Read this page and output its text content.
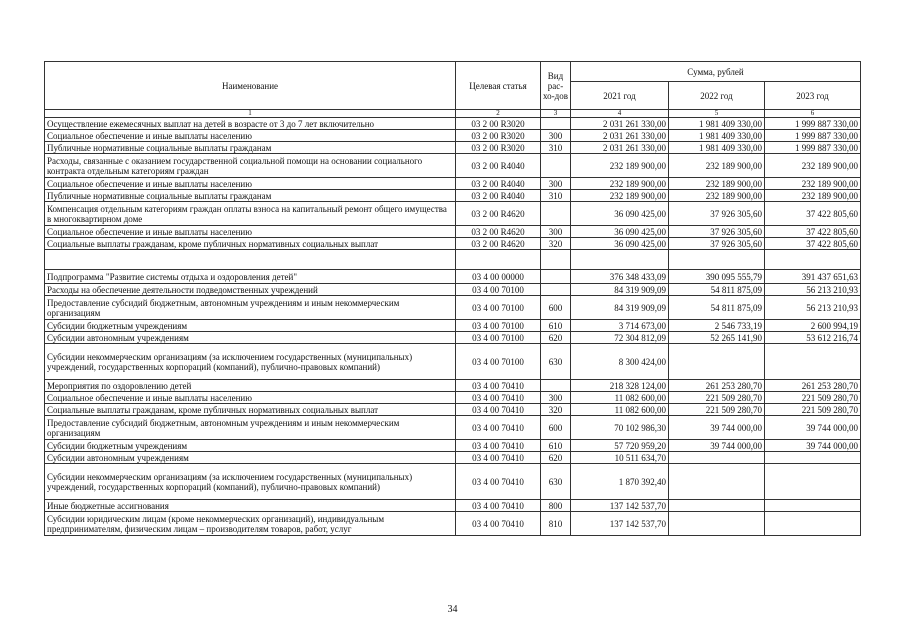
Наименование	Целевая статья	Вид рас-хо-дов	Сумма, рублей		
			2021 год	2022 год	2023 год
1	2	3	4	5	6
Осуществление ежемесячных выплат на детей в возрасте от 3 до 7 лет включительно	03 2 00 R3020		2 031 261 330,00	1 981 409 330,00	1 999 887 330,00
Социальное обеспечение и иные выплаты населению	03 2 00 R3020	300	2 031 261 330,00	1 981 409 330,00	1 999 887 330,00
Публичные нормативные социальные выплаты гражданам	03 2 00 R3020	310	2 031 261 330,00	1 981 409 330,00	1 999 887 330,00
Расходы, связанные с оказанием государственной социальной помощи на основании социального контракта отдельным категориям граждан	03 2 00 R4040		232 189 900,00	232 189 900,00	232 189 900,00
Социальное обеспечение и иные выплаты населению	03 2 00 R4040	300	232 189 900,00	232 189 900,00	232 189 900,00
Публичные нормативные социальные выплаты гражданам	03 2 00 R4040	310	232 189 900,00	232 189 900,00	232 189 900,00
Компенсация отдельным категориям граждан оплаты взноса на капитальный ремонт общего имущества в многоквартирном доме	03 2 00 R4620		36 090 425,00	37 926 305,60	37 422 805,60
Социальное обеспечение и иные выплаты населению	03 2 00 R4620	300	36 090 425,00	37 926 305,60	37 422 805,60
Социальные выплаты гражданам, кроме публичных нормативных социальных выплат	03 2 00 R4620	320	36 090 425,00	37 926 305,60	37 422 805,60

Подпрограмма "Развитие системы отдыха и оздоровления детей"	03 4 00 00000		376 348 433,09	390 095 555,79	391 437 651,63
Расходы на обеспечение деятельности подведомственных учреждений	03 4 00 70100		84 319 909,09	54 811 875,09	56 213 210,93
Предоставление субсидий бюджетным, автономным учреждениям и иным некоммерческим организациям	03 4 00 70100	600	84 319 909,09	54 811 875,09	56 213 210,93
Субсидии бюджетным учреждениям	03 4 00 70100	610	3 714 673,00	2 546 733,19	2 600 994,19
Субсидии автономным учреждениям	03 4 00 70100	620	72 304 812,09	52 265 141,90	53 612 216,74
Субсидии некоммерческим организациям (за исключением государственных (муниципальных) учреждений, государственных корпораций (компаний), публично-правовых компаний)	03 4 00 70100	630	8 300 424,00		
Мероприятия по оздоровлению детей	03 4 00 70410		218 328 124,00	261 253 280,70	261 253 280,70
Социальное обеспечение и иные выплаты населению	03 4 00 70410	300	11 082 600,00	221 509 280,70	221 509 280,70
Социальные выплаты гражданам, кроме публичных нормативных социальных выплат	03 4 00 70410	320	11 082 600,00	221 509 280,70	221 509 280,70
Предоставление субсидий бюджетным, автономным учреждениям и иным некоммерческим организациям	03 4 00 70410	600	70 102 986,30	39 744 000,00	39 744 000,00
Субсидии бюджетным учреждениям	03 4 00 70410	610	57 720 959,20	39 744 000,00	39 744 000,00
Субсидии автономным учреждениям	03 4 00 70410	620	10 511 634,70		
Субсидии некоммерческим организациям (за исключением государственных (муниципальных) учреждений, государственных корпораций (компаний), публично-правовых компаний)	03 4 00 70410	630	1 870 392,40		
Иные бюджетные ассигнования	03 4 00 70410	800	137 142 537,70		
Субсидии юридическим лицам (кроме некоммерческих организаций), индивидуальным предпринимателям, физическим лицам – производителям товаров, работ, услуг	03 4 00 70410	810	137 142 537,70		
34
